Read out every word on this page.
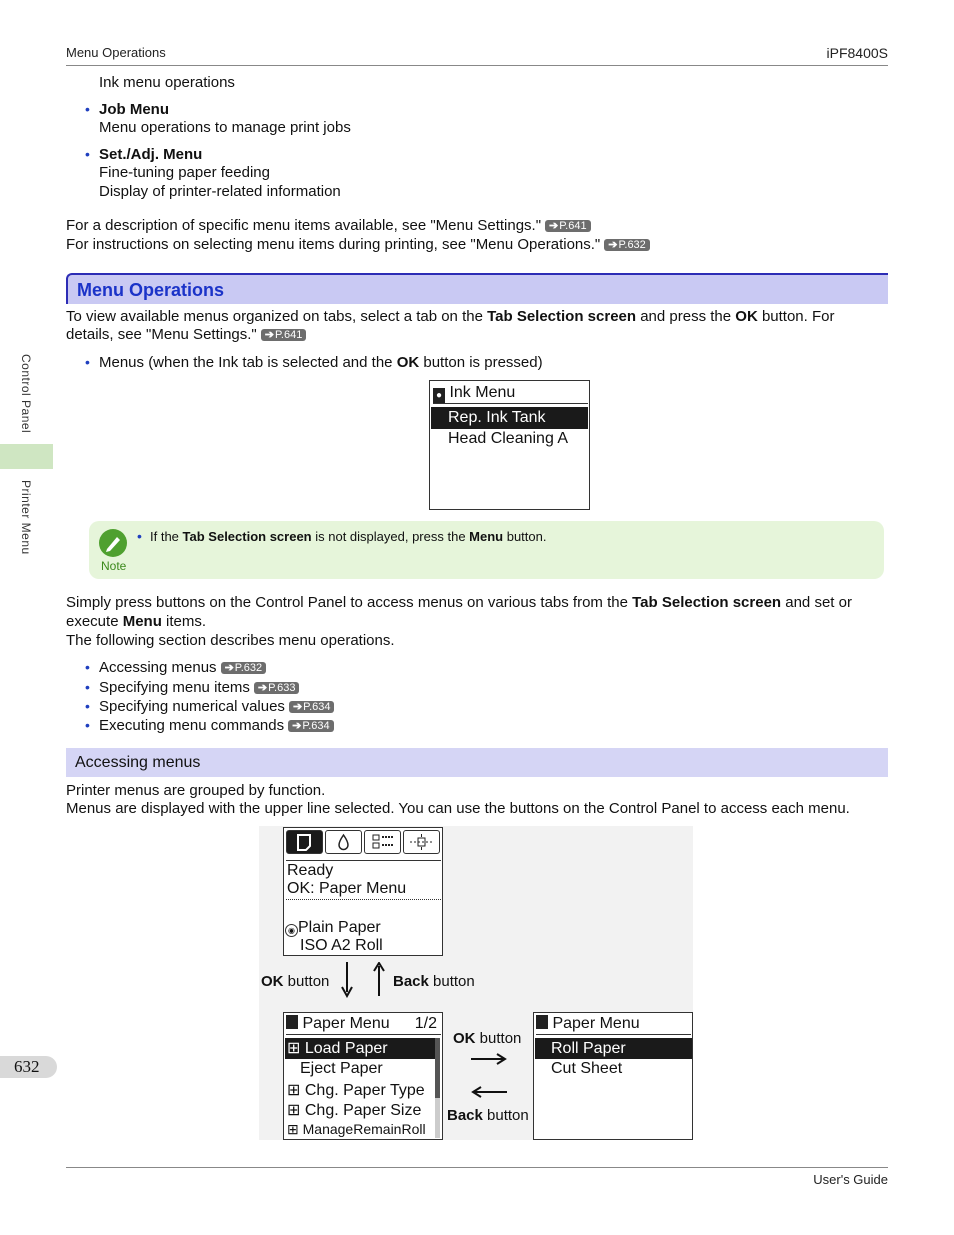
Menu Operations	iPF8400S
Control Panel
Printer Menu
Ink menu operations
• Job Menu
Menu operations to manage print jobs
• Set./Adj. Menu
Fine-tuning paper feeding
Display of printer-related information
For a description of specific menu items available, see "Menu Settings." ➔P.641
For instructions on selecting menu items during printing, see "Menu Operations." ➔P.632
Menu Operations
To view available menus organized on tabs, select a tab on the Tab Selection screen and press the OK button. For
details, see "Menu Settings." ➔P.641
• Menus (when the Ink tab is selected and the OK button is pressed)
● Ink Menu
Rep. Ink Tank
Head Cleaning A
Note
• If the Tab Selection screen is not displayed, press the Menu button.
Simply press buttons on the Control Panel to access menus on various tabs from the Tab Selection screen and set or
execute Menu items.
The following section describes menu operations.
• Accessing menus ➔P.632
• Specifying menu items ➔P.633
• Specifying numerical values ➔P.634
• Executing menu commands ➔P.634
Accessing menus
Printer menus are grouped by function.
Menus are displayed with the upper line selected. You can use the buttons on the Control Panel to access each menu.
Ready
OK: Paper Menu
◉ Plain Paper
ISO A2 Roll
OK button	Back button
Paper Menu 1/2
⊞ Load Paper
Eject Paper
⊞ Chg. Paper Type
⊞ Chg. Paper Size
⊞ ManageRemainRoll
OK button
Back button
Paper Menu
Roll Paper
Cut Sheet
632
User's Guide
